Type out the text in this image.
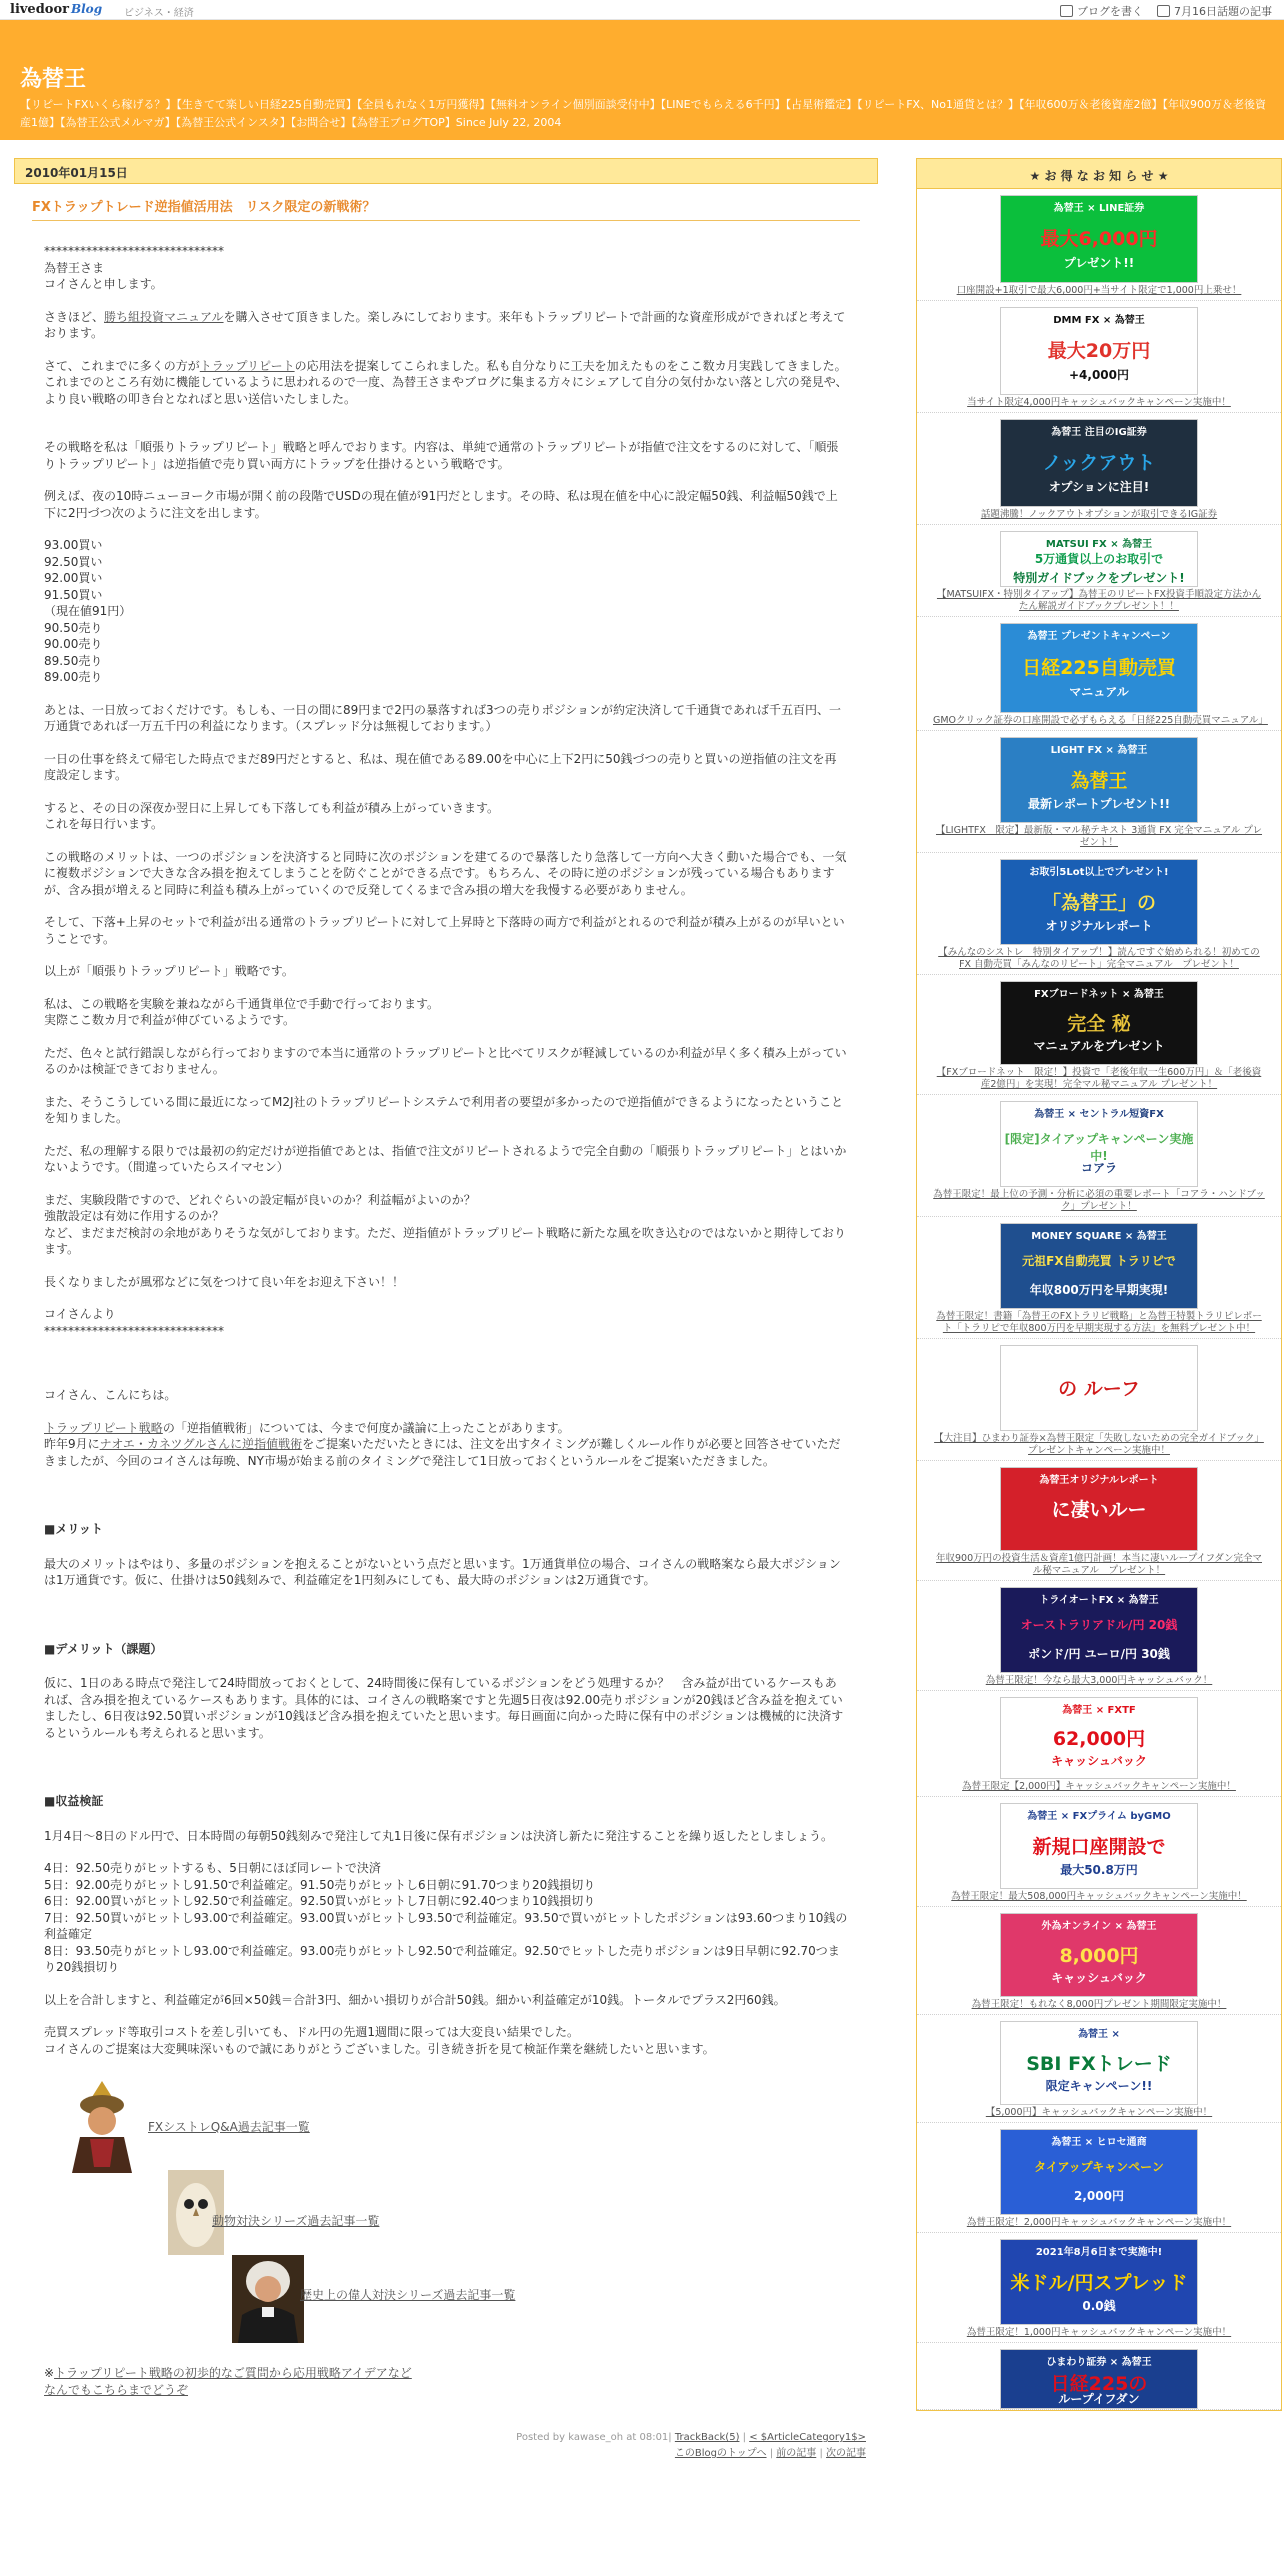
livedoor Blog ビジネス・経済	ブログを書く	7月16日話題の記事
為替王
【リピートFXいくら稼げる？】【生きてて楽しい日経225自動売買】【全員もれなく1万円獲得】【無料オンライン個別面談受付中】【LINEでもらえる6千円】【占星術鑑定】【リピートFX、No1通貨とは？】【年収600万＆老後資産2億】【年収900万＆老後資産1億】【為替王公式メルマガ】【為替王公式インスタ】【お問合せ】【為替王ブログTOP】Since July 22, 2004
2010年01月15日
FXトラップトレード逆指値活用法　リスク限定の新戦術？
******************************
為替王さま
コイさんと申します。

さきほど、勝ち組投資マニュアルを購入させて頂きました。楽しみにしております。来年もトラップリピートで計画的な資産形成ができればと考えております。

さて、これまでに多くの方がトラップリピートの応用法を提案してこられました。私も自分なりに工夫を加えたものをここ数カ月実践してきました。これまでのところ有効に機能しているように思われるので一度、為替王さまやブログに集まる方々にシェアして自分の気付かない落とし穴の発見や、より良い戦略の叩き台となればと思い送信いたしました。

その戦略を私は「順張りトラップリピート」戦略と呼んでおります。内容は、単純で通常のトラップリピートが指値で注文をするのに対して、「順張りトラップリピート」は逆指値で売り買い両方にトラップを仕掛けるという戦略です。

例えば、夜の10時ニューヨーク市場が開く前の段階でUSDの現在値が91円だとします。その時、私は現在値を中心に設定幅50銭、利益幅50銭で上下に2円づつ次のように注文を出します。

93.00買い
92.50買い
92.00買い
91.50買い
（現在値91円）
90.50売り
90.00売り
89.50売り
89.00売り

あとは、一日放っておくだけです。もしも、一日の間に89円まで2円の暴落すれば3つの売りポジションが約定決済して千通貨であれば千五百円、一万通貨であれば一万五千円の利益になります。（スプレッド分は無視しております。）

一日の仕事を終えて帰宅した時点でまだ89円だとすると、私は、現在値である89.00を中心に上下2円に50銭づつの売りと買いの逆指値の注文を再度設定します。

すると、その日の深夜か翌日に上昇しても下落しても利益が積み上がっていきます。
これを毎日行います。

この戦略のメリットは、一つのポジションを決済すると同時に次のポジションを建てるので暴落したり急落して一方向へ大きく動いた場合でも、一気に複数ポジションで大きな含み損を抱えてしまうことを防ぐことができる点です。もちろん、その時に逆のポジションが残っている場合もありますが、含み損が増えると同時に利益も積み上がっていくので反発してくるまで含み損の増大を我慢する必要がありません。

そして、下落+上昇のセットで利益が出る通常のトラップリピートに対して上昇時と下落時の両方で利益がとれるので利益が積み上がるのが早いということです。

以上が「順張りトラップリピート」戦略です。

私は、この戦略を実験を兼ねながら千通貨単位で手動で行っております。
実際ここ数カ月で利益が伸びているようです。

ただ、色々と試行錯誤しながら行っておりますので本当に通常のトラップリピートと比べてリスクが軽減しているのか利益が早く多く積み上がっているのかは検証できておりません。

また、そうこうしている間に最近になってM2J社のトラップリピートシステムで利用者の要望が多かったので逆指値ができるようになったということを知りました。

ただ、私の理解する限りでは最初の約定だけが逆指値であとは、指値で注文がリピートされるようで完全自動の「順張りトラップリピート」とはいかないようです。（間違っていたらスイマセン）

まだ、実験段階ですので、どれぐらいの設定幅が良いのか？利益幅がよいのか？
強散設定は有効に作用するのか？
など、まだまだ検討の余地がありそうな気がしております。ただ、逆指値がトラップリピート戦略に新たな風を吹き込むのではないかと期待しております。

長くなりましたが風邪などに気をつけて良い年をお迎え下さい！！

コイさんより
******************************

コイさん、こんにちは。

トラップリピート戦略の「逆指値戦術」については、今まで何度か議論に上ったことがあります。
昨年9月にナオエ・カネツグルさんに逆指値戦術をご提案いただいたときには、注文を出すタイミングが難しくルール作りが必要と回答させていただきましたが、今回のコイさんは毎晩、NY市場が始まる前のタイミングで発注して1日放っておくというルールをご提案いただきました。

■メリット

最大のメリットはやはり、多量のポジションを抱えることがないという点だと思います。1万通貨単位の場合、コイさんの戦略案なら最大ポジションは1万通貨です。仮に、仕掛けは50銭刻みで、利益確定を1円刻みにしても、最大時のポジションは2万通貨です。

■デメリット（課題）

仮に、1日のある時点で発注して24時間放っておくとして、24時間後に保有しているポジションをどう処理するか？　含み益が出ているケースもあれば、含み損を抱えているケースもあります。具体的には、コイさんの戦略案ですと先週5日夜は92.00売りポジションが20銭ほど含み益を抱えていましたし、6日夜は92.50買いポジションが10銭ほど含み損を抱えていたと思います。毎日画面に向かった時に保有中のポジションは機械的に決済するというルールも考えられると思います。

■収益検証

1月4日～8日のドル円で、日本時間の毎朝50銭刻みで発注して丸1日後に保有ポジションは決済し新たに発注することを繰り返したとしましょう。

4日：92.50売りがヒットするも、5日朝にほぼ同レートで決済
5日：92.00売りがヒットし91.50で利益確定。91.50売りがヒットし6日朝に91.70つまり20銭損切り
6日：92.00買いがヒットし92.50で利益確定。92.50買いがヒットし7日朝に92.40つまり10銭損切り
7日：92.50買いがヒットし93.00で利益確定。93.00買いがヒットし93.50で利益確定。93.50で買いがヒットしたポジションは93.60つまり10銭の利益確定
8日：93.50売りがヒットし93.00で利益確定。93.00売りがヒットし92.50で利益確定。92.50でヒットした売りポジションは9日早朝に92.70つまり20銭損切り

以上を合計しますと、利益確定が6回×50銭＝合計3円、細かい損切りが合計50銭。細かい利益確定が10銭。トータルでプラス2円60銭。

売買スプレッド等取引コストを差し引いても、ドル円の先週1週間に限っては大変良い結果でした。
コイさんのご提案は大変興味深いもので誠にありがとうございました。引き続き折を見て検証作業を継続したいと思います。

FXシストレQ&A過去記事一覧
動物対決シリーズ過去記事一覧
歴史上の偉人対決シリーズ過去記事一覧
※トラップリピート戦略の初歩的なご質問から応用戦略アイデアなど
なんでもこちらまでどうぞ
Posted by kawase_oh at 08:01| TrackBack(5) | < $ArticleCategory1$>
このBlogのトップへ | 前の記事 | 次の記事
★ お 得 な お 知 ら せ ★
為替王 × LINE証券
最大6,000円
プレゼント!!
口座開設+1取引で最大6,000円+当サイト限定で1,000円上乗せ！
DMM FX × 為替王
最大20万円
+4,000円
当サイト限定4,000円キャッシュバックキャンペーン実施中！
為替王 注目のIG証券
ノックアウト
オプションに注目!
話題沸騰！ノックアウトオプションが取引できるIG証券
MATSUI FX × 為替王
5万通貨以上のお取引で
特別ガイドブックをプレゼント!
【MATSUIFX・特別タイアップ】為替王のリピートFX投資手順設定方法かんたん解説ガイドブックプレゼント！！
為替王 プレゼントキャンペーン
日経225自動売買
マニュアル
GMOクリック証券の口座開設で必ずもらえる「日経225自動売買マニュアル」
LIGHT FX × 為替王
為替王
最新レポートプレゼント!!
【LIGHTFX　限定】最新版・マル秘テキスト 3通貨 FX 完全マニュアル プレゼント！
お取引5Lot以上でプレゼント!
「為替王」の
オリジナルレポート
【みんなのシストレ　特別タイアップ！】読んですぐ始められる！初めてのFX 自動売買「みんなのリピート」完全マニュアル　プレゼント！
FXブロードネット × 為替王
完全 秘
マニュアルをプレゼント
【FXブロードネット　限定！】投資で「老後年収一生600万円」＆「老後資産2億円」を実現！完全マル秘マニュアル プレゼント！
為替王 × セントラル短資FX
[限定]タイアップキャンペーン実施中!
コアラ
為替王限定！最上位の予測・分析に必須の重要レポート「コアラ・ハンドブック」プレゼント！
MONEY SQUARE × 為替王
元祖FX自動売買 トラリピで
年収800万円を早期実現!
為替王限定！書籍「為替王のFXトラリピ戦略」と為替王特製トラリピレポート「トラリピで年収800万円を早期実現する方法」を無料プレゼント中！
の ルーフ
【大注目】ひまわり証券×為替王限定「失敗しないための完全ガイドブック」プレゼントキャンペーン実施中！
為替王オリジナルレポート
に凄いルー
年収900万円の投資生活＆資産1億円計画！本当に凄いループイフダン完全マル秘マニュアル　プレゼント！
トライオートFX × 為替王
オーストラリアドル/円 20銭
ポンド/円 ユーロ/円 30銭
為替王限定！今なら最大3,000円キャッシュバック！
為替王 × FXTF
62,000円
キャッシュバック
為替王限定【2,000円】キャッシュバックキャンペーン実施中！
為替王 × FXプライム byGMO
新規口座開設で
最大50.8万円
為替王限定！最大508,000円キャッシュバックキャンペーン実施中！
外為オンライン × 為替王
8,000円
キャッシュバック
為替王限定！もれなく8,000円プレゼント期間限定実施中！
為替王 ×
SBI FXトレード
限定キャンペーン!!
【5,000円】キャッシュバックキャンペーン実施中！
為替王 × ヒロセ通商
タイアップキャンペーン
2,000円
為替王限定！2,000円キャッシュバックキャンペーン実施中！
2021年8月6日まで実施中!
米ドル/円スプレッド
0.0銭
為替王限定！1,000円キャッシュバックキャンペーン実施中！
ひまわり証券 × 為替王
日経225の
ループイフダン
